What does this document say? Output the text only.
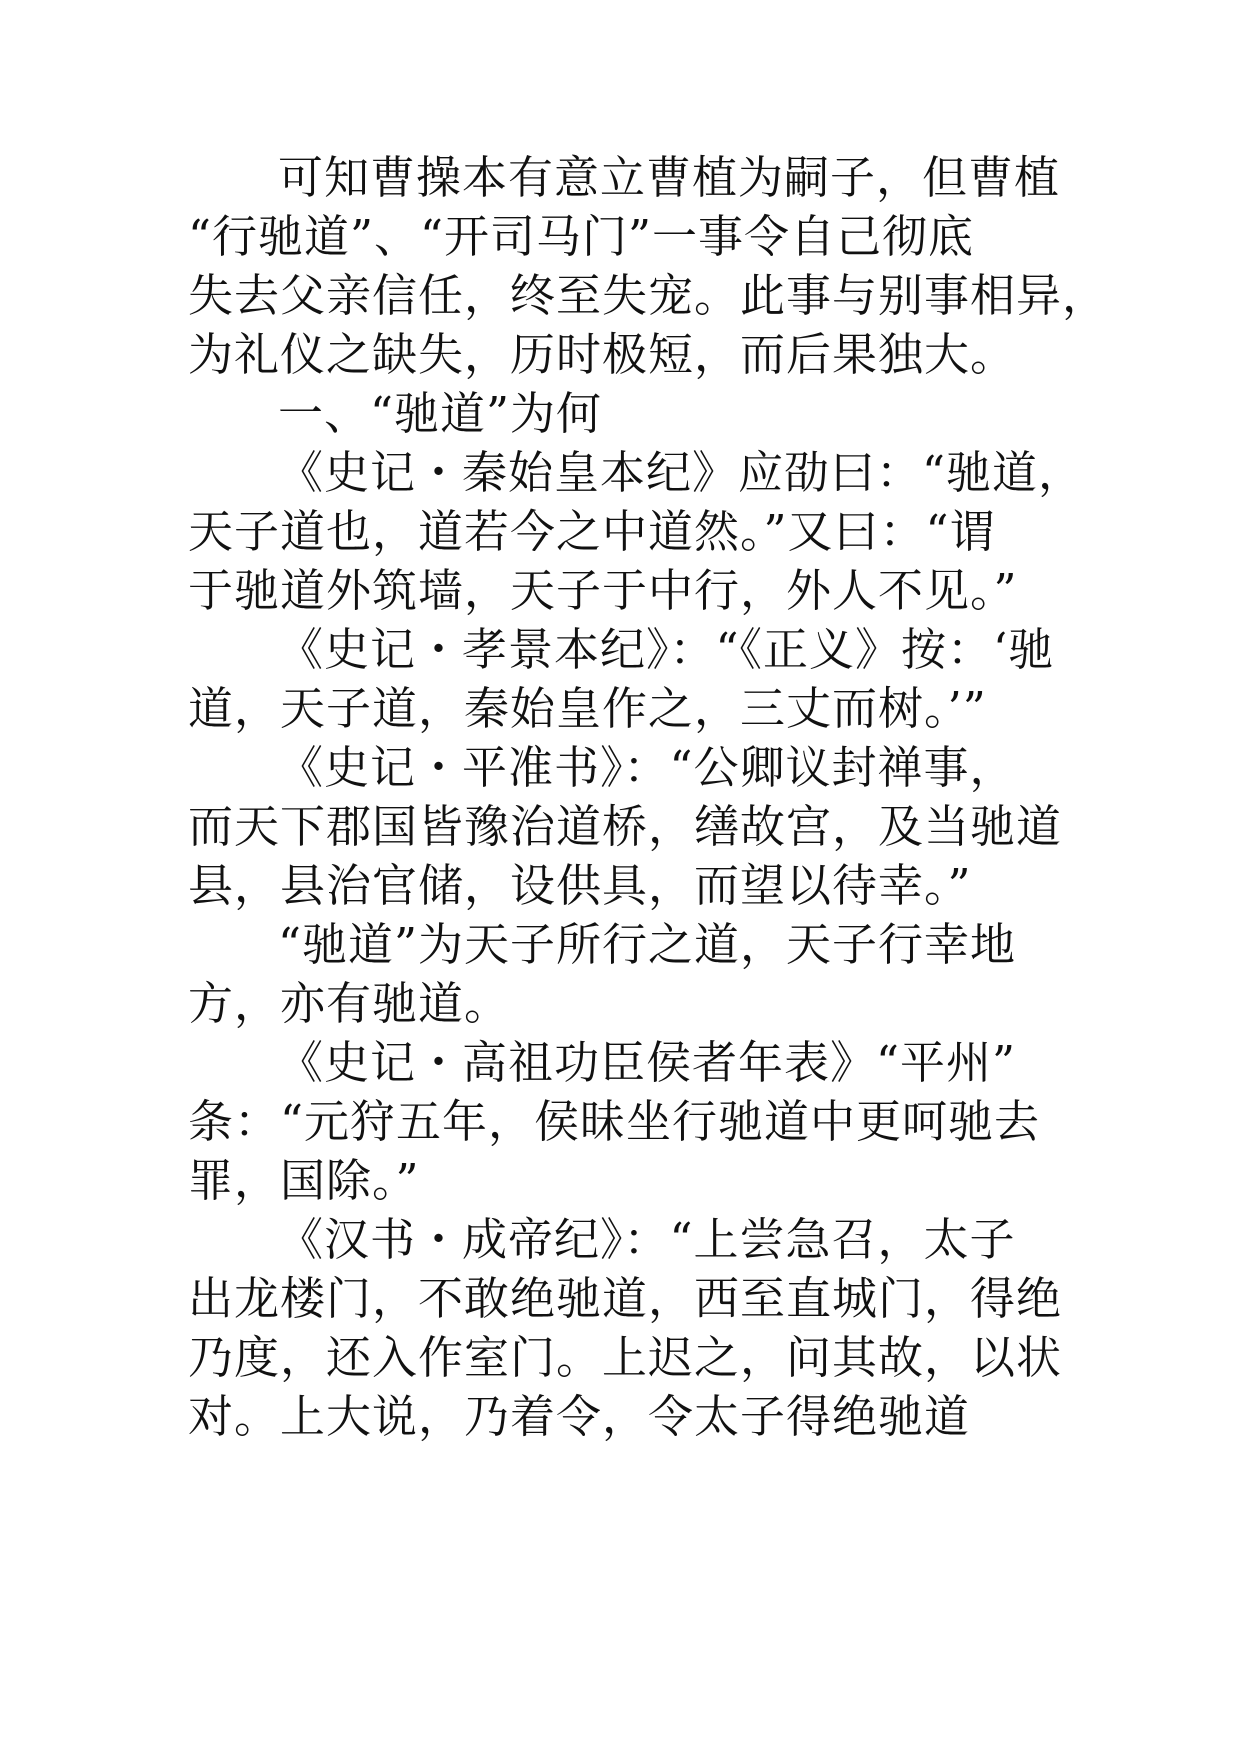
可知曹操本有意立曹植为嗣子，但曹植
“行驰道”、“开司马门”一事令自己彻底
失去父亲信任，终至失宠。此事与别事相异，
为礼仪之缺失，历时极短，而后果独大。
一、“驰道”为何
《史记・秦始皇本纪》应劭曰：“驰道，
天子道也，道若今之中道然。”又曰：“谓
于驰道外筑墙，天子于中行，外人不见。”
《史记・孝景本纪》：“《正义》按：‘驰
道，天子道，秦始皇作之，三丈而树。’”
《史记・平准书》：“公卿议封禅事，
而天下郡国皆豫治道桥，缮故宫，及当驰道
县，县治官储，设供具，而望以待幸。”
“驰道”为天子所行之道，天子行幸地
方，亦有驰道。
《史记・高祖功臣侯者年表》“平州”
条：“元狩五年，侯昧坐行驰道中更呵驰去
罪，国除。”
《汉书・成帝纪》：“上尝急召，太子
出龙楼门，不敢绝驰道，西至直城门，得绝
乃度，还入作室门。上迟之，问其故，以状
对。上大说，乃着令，令太子得绝驰道
